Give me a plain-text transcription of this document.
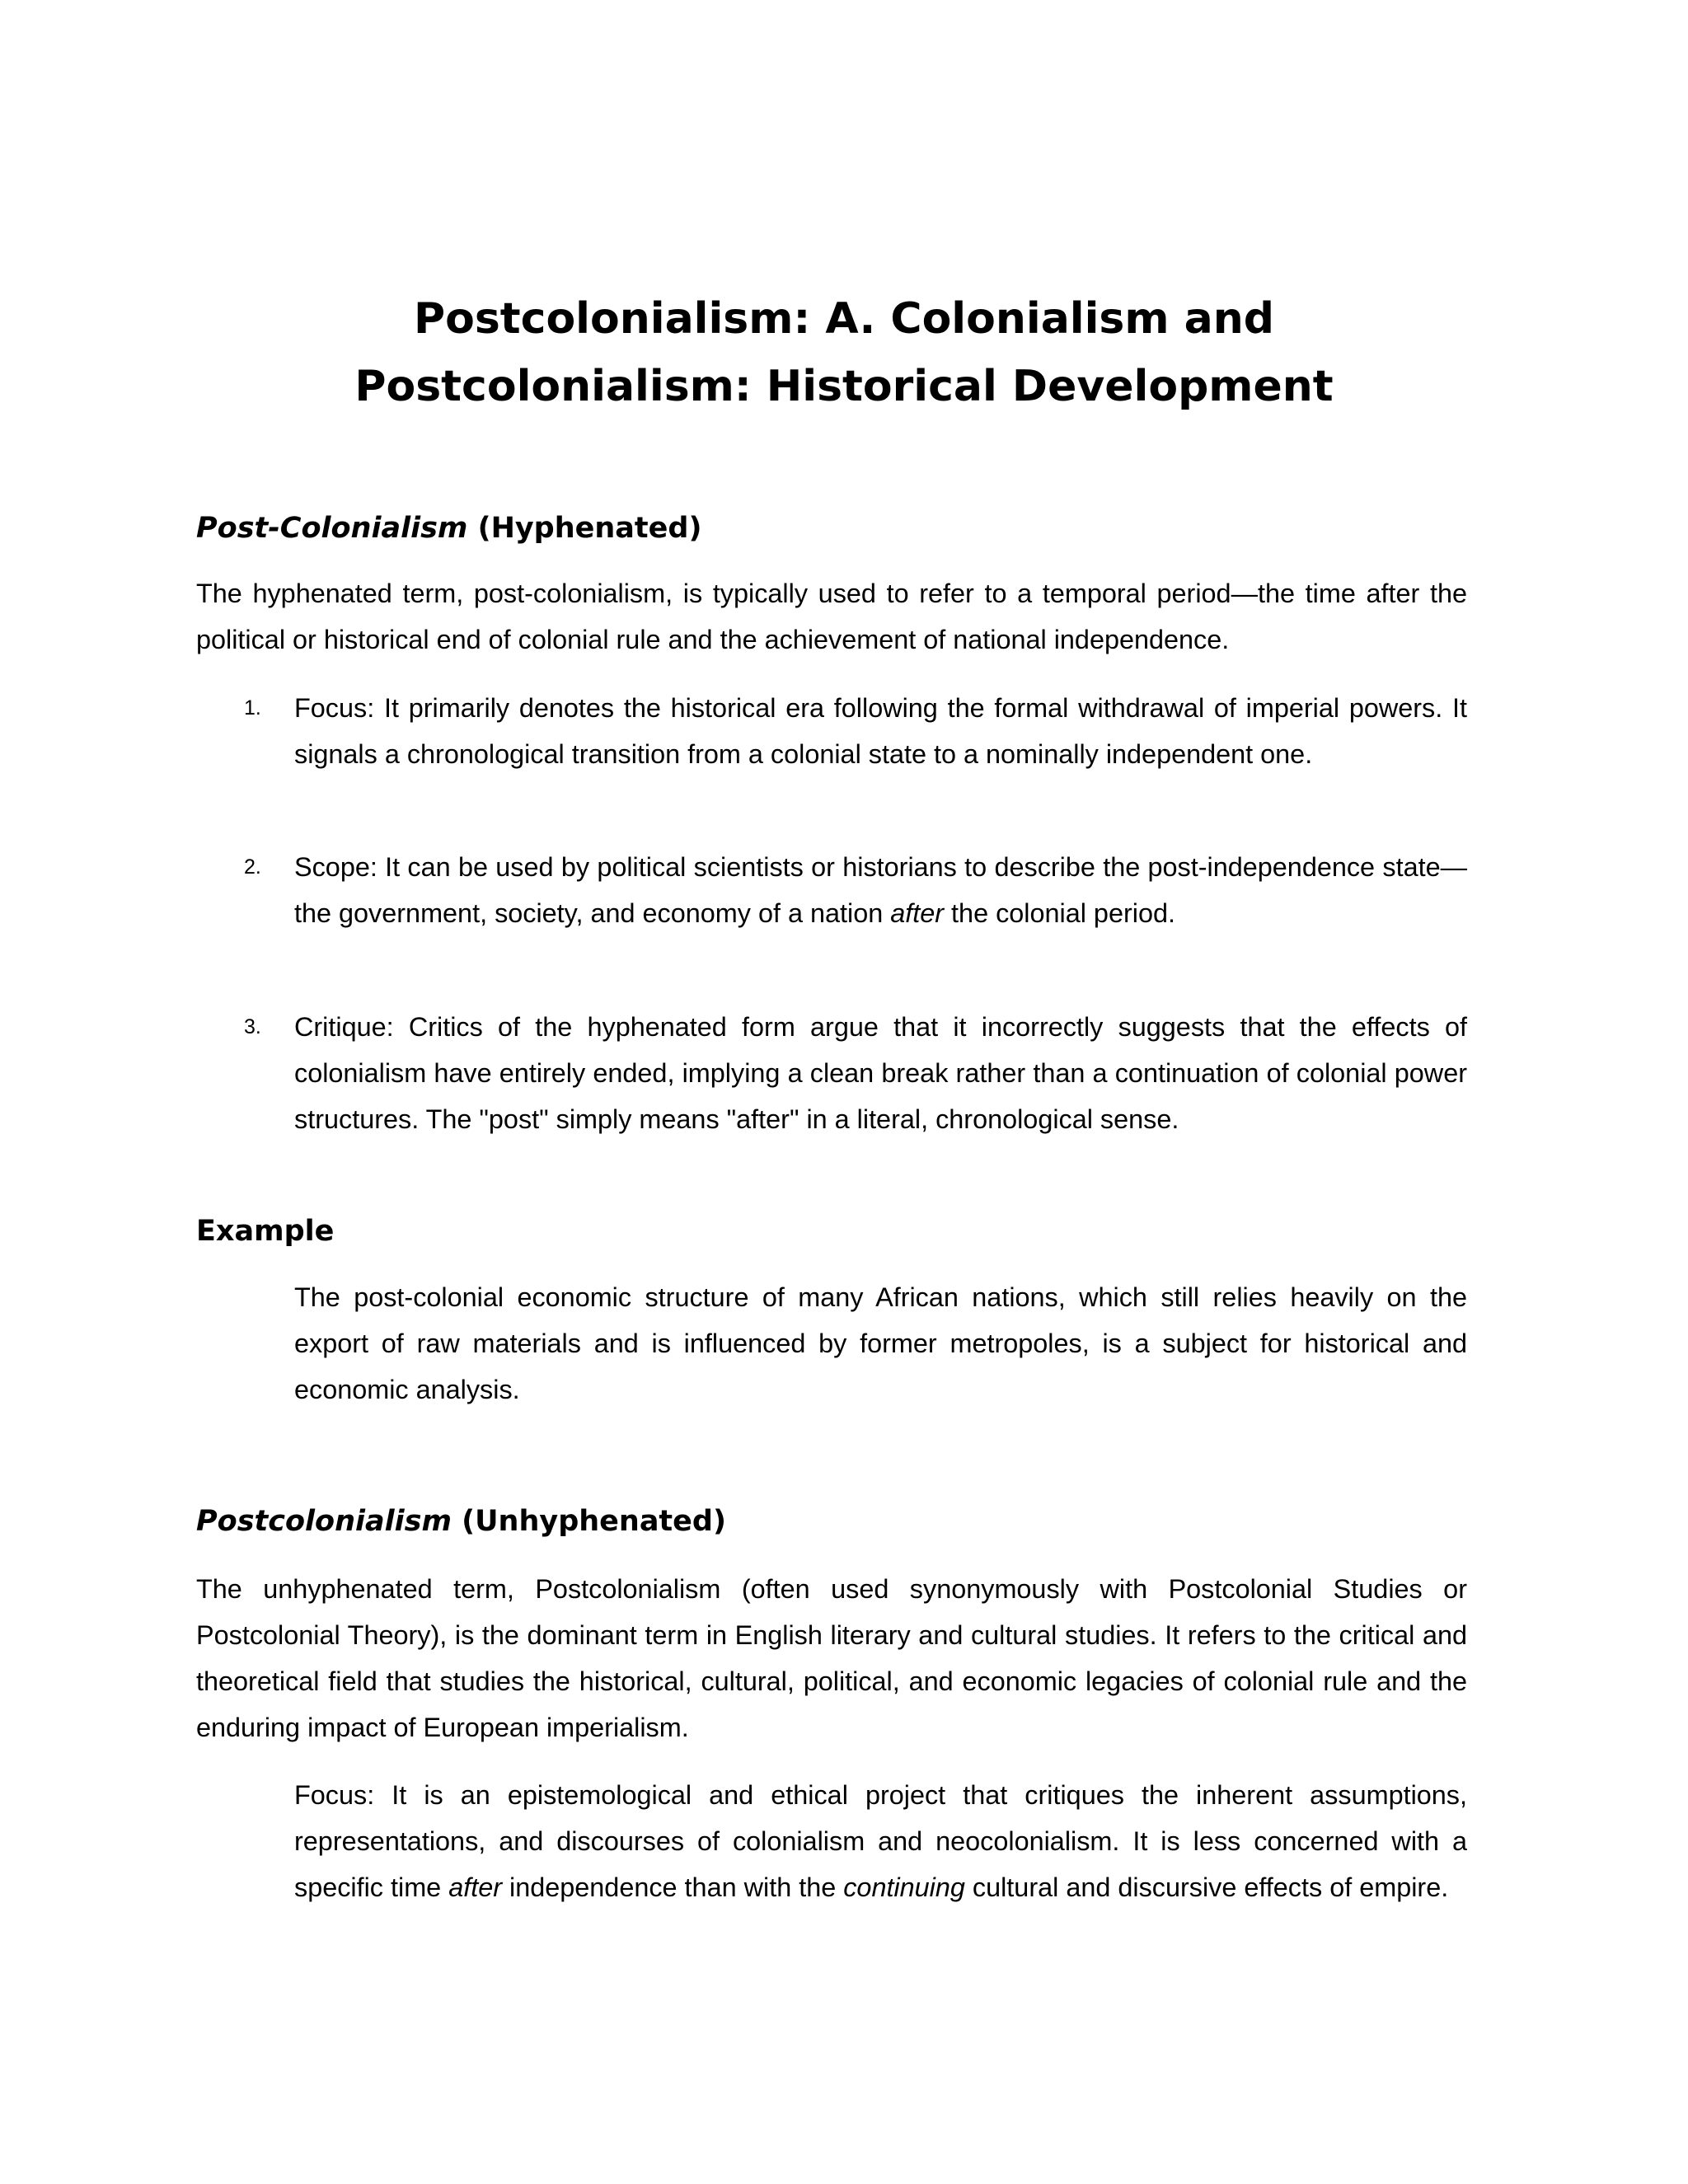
Postcolonialism: A. Colonialism and
Postcolonialism: Historical Development
Post-Colonialism (Hyphenated)

The hyphenated term, post-colonialism, is typically used to refer to a temporal period—the time after the political or historical end of colonial rule and the achievement of national independence.

1.	Focus: It primarily denotes the historical era following the formal withdrawal of imperial powers. It signals a chronological transition from a colonial state to a nominally independent one.

2.	Scope: It can be used by political scientists or historians to describe the post-independence state—the government, society, and economy of a nation after the colonial period.

3.	Critique: Critics of the hyphenated form argue that it incorrectly suggests that the effects of colonialism have entirely ended, implying a clean break rather than a continuation of colonial power structures. The "post" simply means "after" in a literal, chronological sense.

Example

The post-colonial economic structure of many African nations, which still relies heavily on the export of raw materials and is influenced by former metropoles, is a subject for historical and economic analysis.

Postcolonialism (Unhyphenated)

The unhyphenated term, Postcolonialism (often used synonymously with Postcolonial Studies or Postcolonial Theory), is the dominant term in English literary and cultural studies. It refers to the critical and theoretical field that studies the historical, cultural, political, and economic legacies of colonial rule and the enduring impact of European imperialism.

Focus: It is an epistemological and ethical project that critiques the inherent assumptions, representations, and discourses of colonialism and neocolonialism. It is less concerned with a specific time after independence than with the continuing cultural and discursive effects of empire.
